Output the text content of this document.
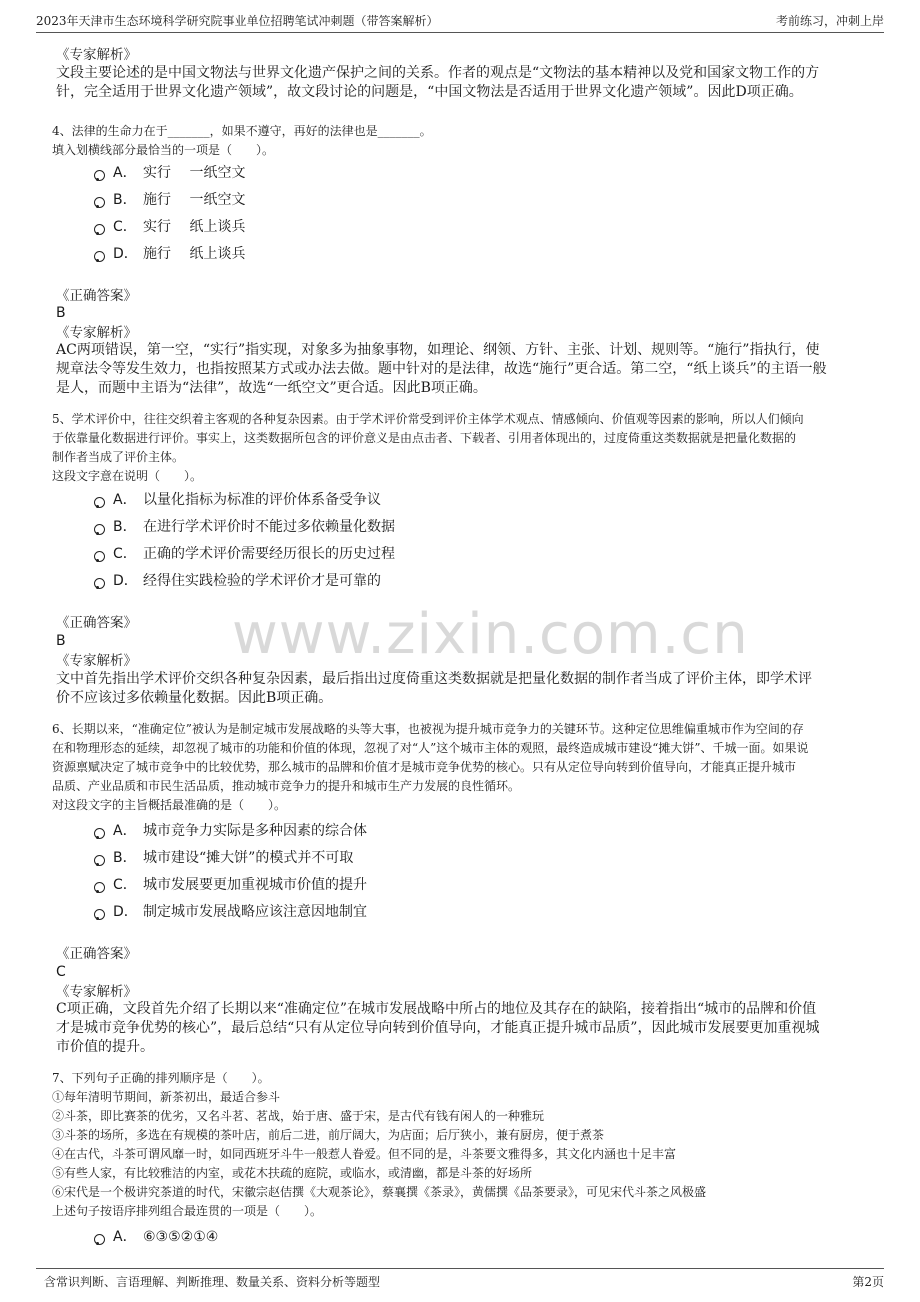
2023年天津市生态环境科学研究院事业单位招聘笔试冲刺题（带答案解析）	考前练习，冲刺上岸
www.zixin.com.cn
《专家解析》
文段主要论述的是中国文物法与世界文化遗产保护之间的关系。作者的观点是“文物法的基本精神以及党和国家文物工作的方
针，完全适用于世界文化遗产领域”，故文段讨论的问题是，“中国文物法是否适用于世界文化遗产领域”。因此D项正确。
4、法律的生命力在于_______，如果不遵守，再好的法律也是_______。
填入划横线部分最恰当的一项是（　　）。
A． 实行　 一纸空文
B． 施行　 一纸空文
C． 实行　 纸上谈兵
D． 施行　 纸上谈兵
《正确答案》
B
《专家解析》
AC两项错误，第一空，“实行”指实现，对象多为抽象事物，如理论、纲领、方针、主张、计划、规则等。“施行”指执行，使
规章法令等发生效力，也指按照某方式或办法去做。题中针对的是法律，故选“施行”更合适。第二空，“纸上谈兵”的主语一般
是人，而题中主语为“法律”，故选“一纸空文”更合适。因此B项正确。
5、学术评价中，往往交织着主客观的各种复杂因素。由于学术评价常受到评价主体学术观点、情感倾向、价值观等因素的影响，所以人们倾向
于依靠量化数据进行评价。事实上，这类数据所包含的评价意义是由点击者、下载者、引用者体现出的，过度倚重这类数据就是把量化数据的
制作者当成了评价主体。
这段文字意在说明（　　）。
A． 以量化指标为标准的评价体系备受争议
B． 在进行学术评价时不能过多依赖量化数据
C． 正确的学术评价需要经历很长的历史过程
D． 经得住实践检验的学术评价才是可靠的
《正确答案》
B
《专家解析》
文中首先指出学术评价交织各种复杂因素，最后指出过度倚重这类数据就是把量化数据的制作者当成了评价主体，即学术评
价不应该过多依赖量化数据。因此B项正确。
6、长期以来，“准确定位”被认为是制定城市发展战略的头等大事，也被视为提升城市竞争力的关键环节。这种定位思维偏重城市作为空间的存
在和物理形态的延续，却忽视了城市的功能和价值的体现，忽视了对“人”这个城市主体的观照，最终造成城市建设“摊大饼”、千城一面。如果说
资源禀赋决定了城市竞争中的比较优势，那么城市的品牌和价值才是城市竞争优势的核心。只有从定位导向转到价值导向，才能真正提升城市
品质、产业品质和市民生活品质，推动城市竞争力的提升和城市生产力发展的良性循环。
对这段文字的主旨概括最准确的是（　　）。
A． 城市竞争力实际是多种因素的综合体
B． 城市建设“摊大饼”的模式并不可取
C． 城市发展要更加重视城市价值的提升
D． 制定城市发展战略应该注意因地制宜
《正确答案》
C
《专家解析》
C项正确，文段首先介绍了长期以来“准确定位”在城市发展战略中所占的地位及其存在的缺陷，接着指出“城市的品牌和价值
才是城市竞争优势的核心”，最后总结“只有从定位导向转到价值导向，才能真正提升城市品质”，因此城市发展要更加重视城
市价值的提升。
7、下列句子正确的排列顺序是（　　）。
①每年清明节期间，新茶初出，最适合参斗
②斗茶，即比赛茶的优劣，又名斗茗、茗战，始于唐、盛于宋，是古代有钱有闲人的一种雅玩
③斗茶的场所，多选在有规模的茶叶店，前后二进，前厅阔大，为店面；后厅狭小，兼有厨房，便于煮茶
④在古代，斗茶可谓风靡一时，如同西班牙斗牛一般惹人眷爱。但不同的是，斗茶要文雅得多，其文化内涵也十足丰富
⑤有些人家，有比较雅洁的内室，或花木扶疏的庭院，或临水，或清幽，都是斗茶的好场所
⑥宋代是一个极讲究茶道的时代，宋徽宗赵佶撰《大观茶论》，蔡襄撰《茶录》，黄儒撰《品茶要录》，可见宋代斗茶之风极盛
上述句子按语序排列组合最连贯的一项是（　　）。
A． ⑥③⑤②①④
含常识判断、言语理解、判断推理、数量关系、资料分析等题型	第2页
